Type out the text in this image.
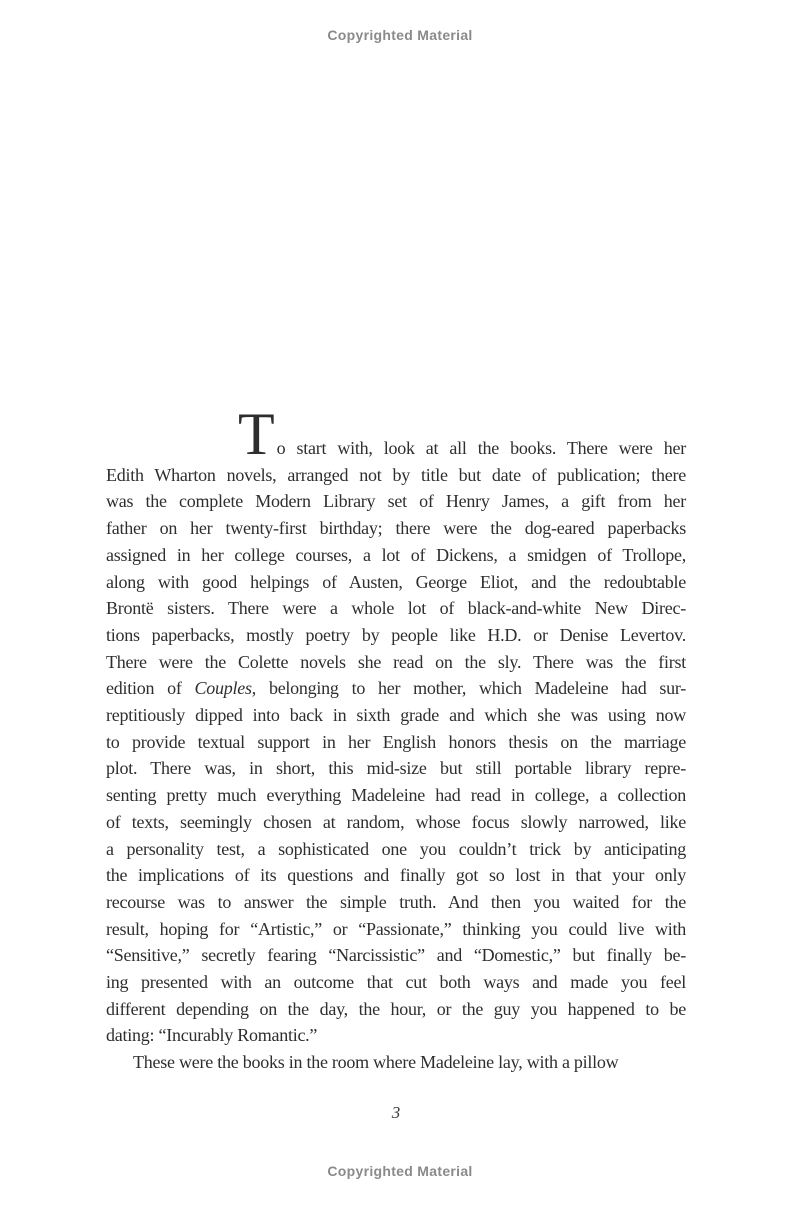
Copyrighted Material
To start with, look at all the books. There were her
Edith Wharton novels, arranged not by title but date of publication; there
was the complete Modern Library set of Henry James, a gift from her
father on her twenty-first birthday; there were the dog-eared paperbacks
assigned in her college courses, a lot of Dickens, a smidgen of Trollope,
along with good helpings of Austen, George Eliot, and the redoubtable
Brontë sisters. There were a whole lot of black-and-white New Direc-
tions paperbacks, mostly poetry by people like H.D. or Denise Levertov.
There were the Colette novels she read on the sly. There was the first
edition of Couples, belonging to her mother, which Madeleine had sur-
reptitiously dipped into back in sixth grade and which she was using now
to provide textual support in her English honors thesis on the marriage
plot. There was, in short, this mid-size but still portable library repre-
senting pretty much everything Madeleine had read in college, a collection
of texts, seemingly chosen at random, whose focus slowly narrowed, like
a personality test, a sophisticated one you couldn’t trick by anticipating
the implications of its questions and finally got so lost in that your only
recourse was to answer the simple truth. And then you waited for the
result, hoping for “Artistic,” or “Passionate,” thinking you could live with
“Sensitive,” secretly fearing “Narcissistic” and “Domestic,” but finally be-
ing presented with an outcome that cut both ways and made you feel
different depending on the day, the hour, or the guy you happened to be
dating: “Incurably Romantic.”
These were the books in the room where Madeleine lay, with a pillow
3
Copyrighted Material
